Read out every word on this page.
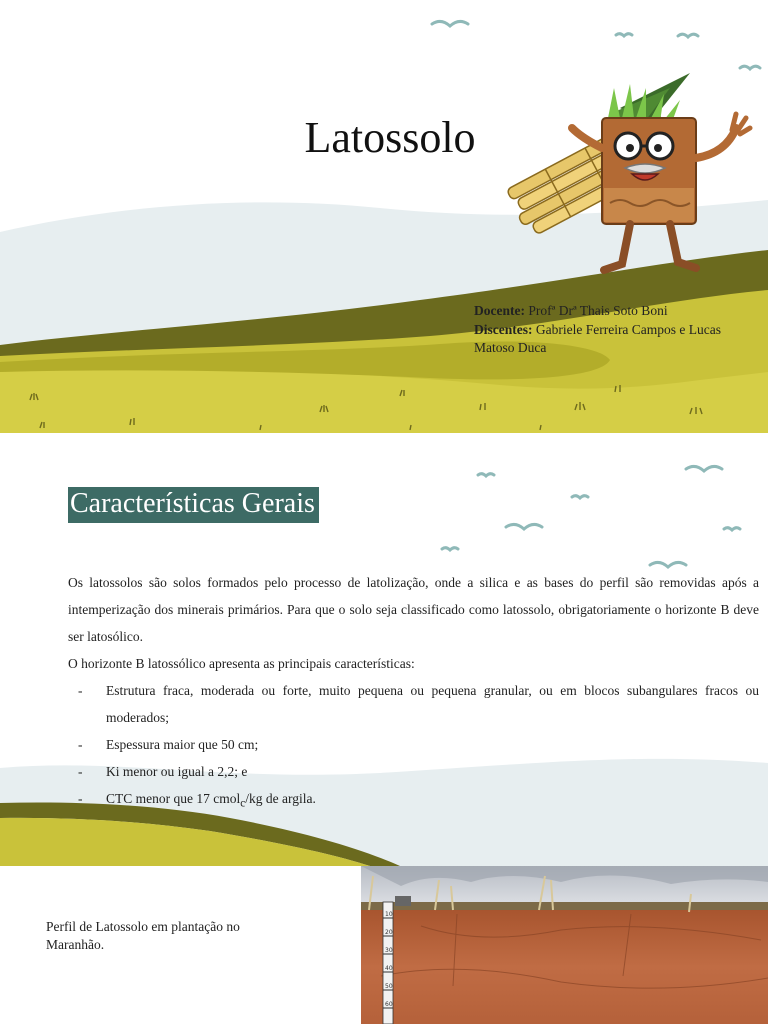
Latossolo
Docente: Profª Drª Thais Soto Boni
Discentes: Gabriele Ferreira Campos e Lucas Matoso Duca
Características Gerais

Os latossolos são solos formados pelo processo de latolização, onde a silica e as bases do perfil são removidas após a intemperização dos minerais primários. Para que o solo seja classificado como latossolo, obrigatoriamente o horizonte B deve ser latosólico.

O horizonte B latossólico apresenta as principais características:

-	Estrutura fraca, moderada ou forte, muito pequena ou pequena granular, ou em blocos subangulares fracos ou moderados;
-	Espessura maior que 50 cm;
-	Ki menor ou igual a 2,2; e
-	CTC menor que 17 cmol$_c$/kg de argila.
Perfil de Latossolo em plantação no Maranhão.
10
20
30
40
50
60
